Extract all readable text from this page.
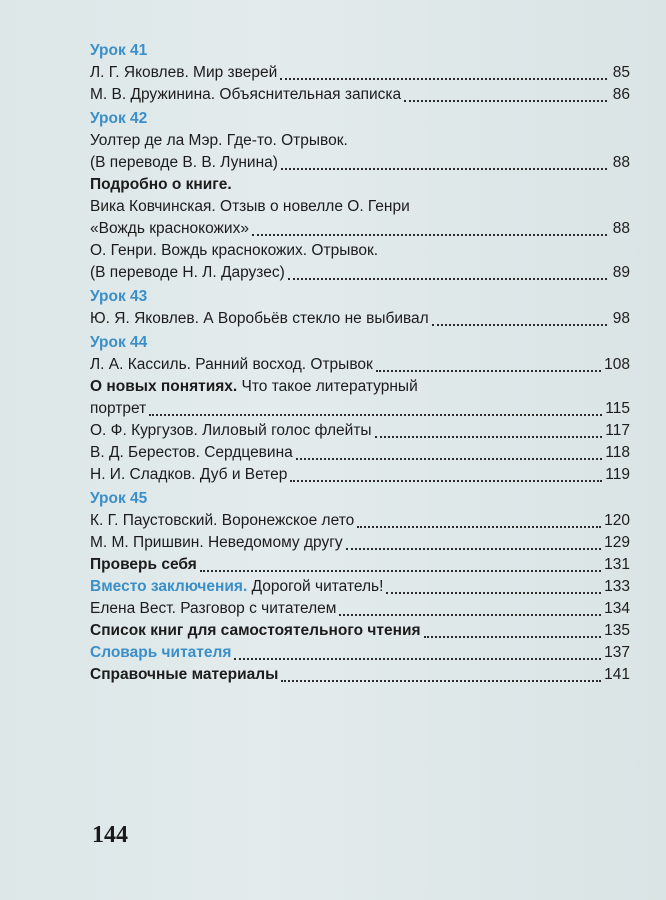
Урок 41
Л. Г. Яковлев. Мир зверей	85
М. В. Дружинина. Объяснительная записка	86
Урок 42
Уолтер де ла Мэр. Где-то. Отрывок.
(В переводе В. В. Лунина)	88
Подробно о книге.
Вика Ковчинская. Отзыв о новелле О. Генри
«Вождь краснокожих»	88
О. Генри. Вождь краснокожих. Отрывок.
(В переводе Н. Л. Дарузес)	89
Урок 43
Ю. Я. Яковлев. А Воробьёв стекло не выбивал	98
Урок 44
Л. А. Кассиль. Ранний восход. Отрывок	108
О новых понятиях. Что такое литературный
портрет	115
О. Ф. Кургузов. Лиловый голос флейты	117
В. Д. Берестов. Сердцевина	118
Н. И. Сладков. Дуб и Ветер	119
Урок 45
К. Г. Паустовский. Воронежское лето	120
М. М. Пришвин. Неведомому другу	129
Проверь себя	131
Вместо заключения. Дорогой читатель!	133
Елена Вест. Разговор с читателем	134
Список книг для самостоятельного чтения	135
Словарь читателя	137
Справочные материалы	141
144
